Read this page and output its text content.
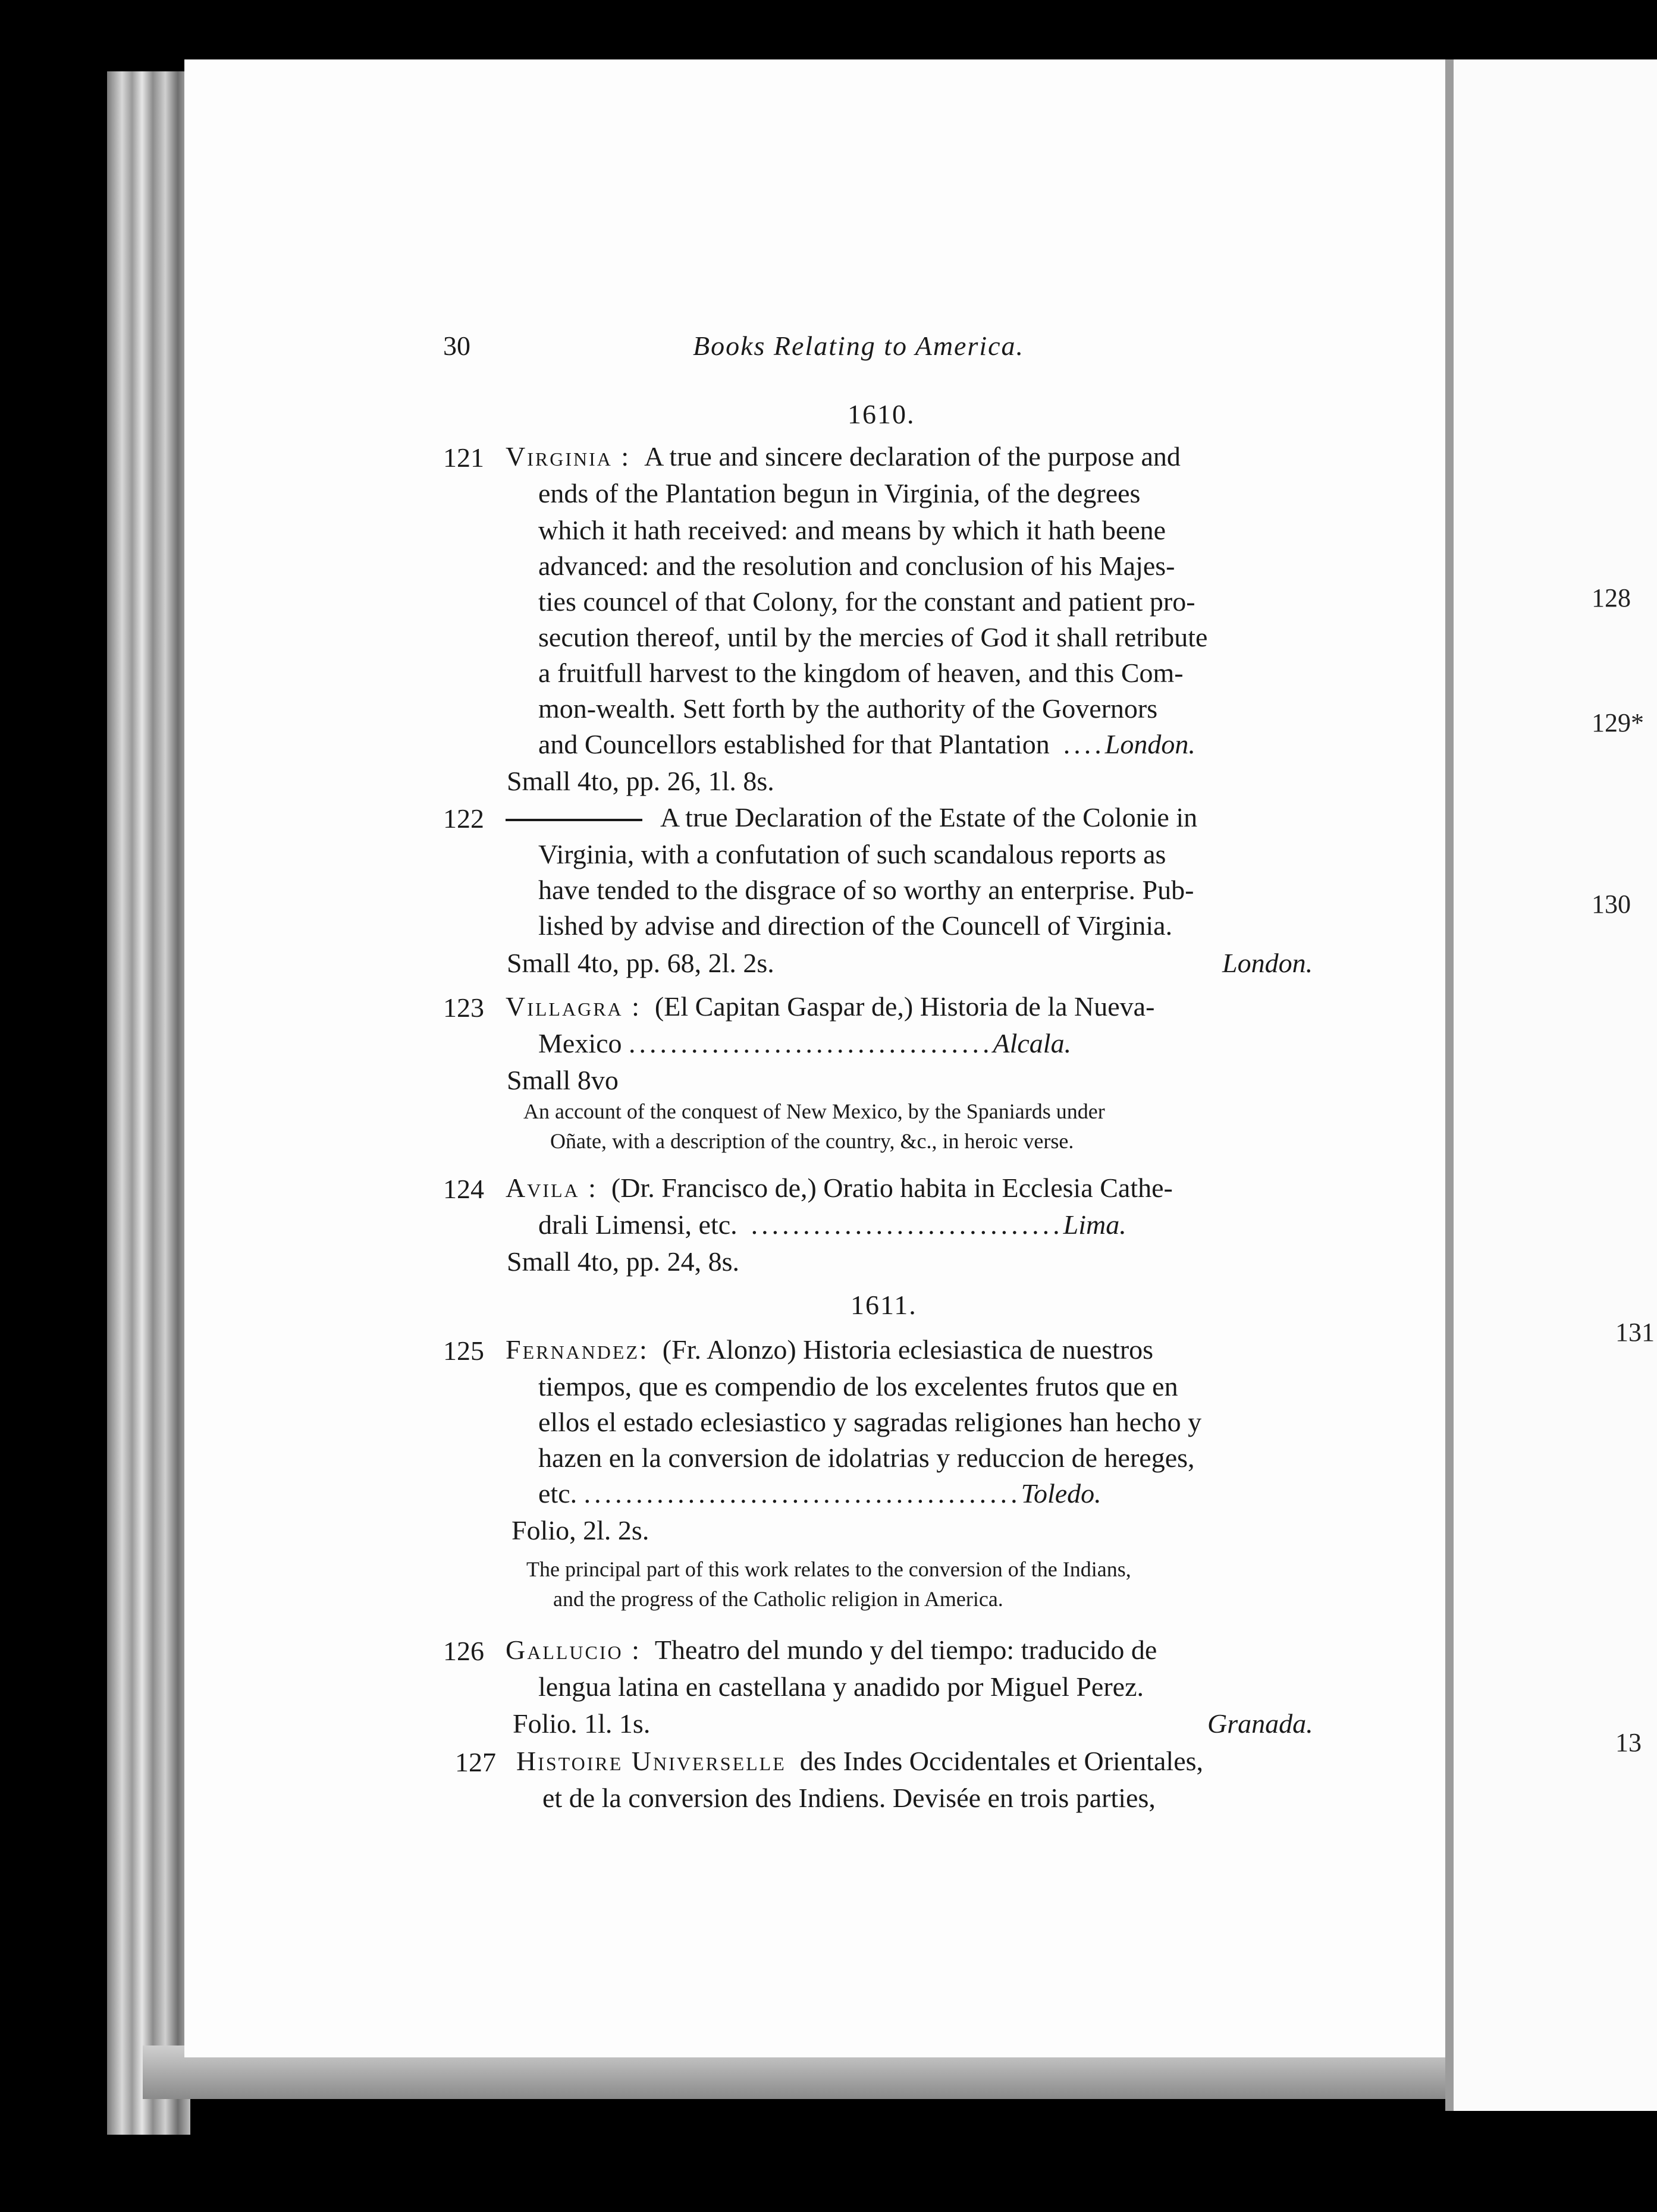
128
129*
130
131
13
30	Books Relating to America.
1610.
121 Virginia : A true and sincere declaration of the purpose and
ends of the Plantation begun in Virginia, of the degrees
which it hath received: and means by which it hath beene
advanced: and the resolution and conclusion of his Majes-
ties councel of that Colony, for the constant and patient pro-
secution thereof, until by the mercies of God it shall retribute
a fruitfull harvest to the kingdom of heaven, and this Com-
mon-wealth. Sett forth by the authority of the Governors
and Councellors established for that Plantation ....London.
Small 4to, pp. 26, 1l. 8s.
122	A true Declaration of the Estate of the Colonie in
Virginia, with a confutation of such scandalous reports as
have tended to the disgrace of so worthy an enterprise. Pub-
lished by advise and direction of the Councell of Virginia.
Small 4to, pp. 68, 2l. 2s.	London.
123 Villagra : (El Capitan Gaspar de,) Historia de la Nueva-
Mexico ...................................Alcala.
Small 8vo
An account of the conquest of New Mexico, by the Spaniards under
Oñate, with a description of the country, &c., in heroic verse.
124 Avila : (Dr. Francisco de,) Oratio habita in Ecclesia Cathe-
drali Limensi, etc. ..............................Lima.
Small 4to, pp. 24, 8s.
1611.
125 Fernandez: (Fr. Alonzo) Historia eclesiastica de nuestros
tiempos, que es compendio de los excelentes frutos que en
ellos el estado eclesiastico y sagradas religiones han hecho y
hazen en la conversion de idolatrias y reduccion de hereges,
etc. ..........................................Toledo.
Folio, 2l. 2s.
The principal part of this work relates to the conversion of the Indians,
and the progress of the Catholic religion in America.
126 Gallucio : Theatro del mundo y del tiempo: traducido de
lengua latina en castellana y anadido por Miguel Perez.
Folio. 1l. 1s.	Granada.
127 Histoire Universelle des Indes Occidentales et Orientales,
et de la conversion des Indiens. Devisée en trois parties,
